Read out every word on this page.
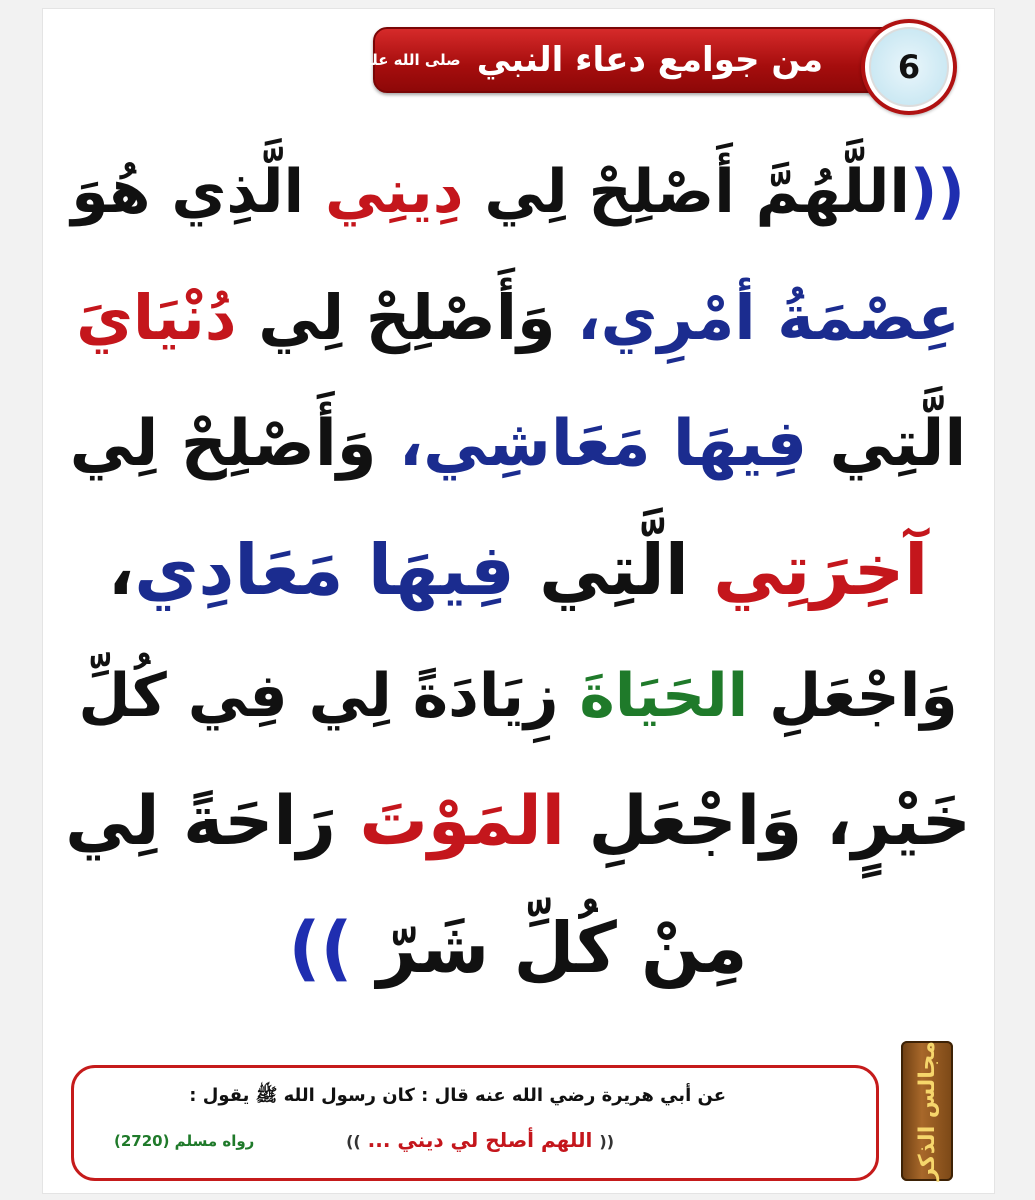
من جوامع دعاء النبي
صلى الله عليه وسلم	6
((اللَّهُمَّ أَصْلِحْ لِي دِينِي الَّذِي هُوَ
عِصْمَةُ أمْرِي، وَأَصْلِحْ لِي دُنْيَايَ
الَّتِي فِيهَا مَعَاشِي، وَأَصْلِحْ لِي
آخِرَتِي الَّتِي فِيهَا مَعَادِي،
وَاجْعَلِ الحَيَاةَ زِيَادَةً لِي فِي كُلِّ
خَيْرٍ، وَاجْعَلِ المَوْتَ رَاحَةً لِي
مِنْ كُلِّ شَرّ ))
عن أبي هريرة رضي الله عنه قال : كان رسول الله ﷺ يقول :
(( اللهم أصلح لي ديني ... ))
رواه مسلم (2720)	مجالس الذكر
